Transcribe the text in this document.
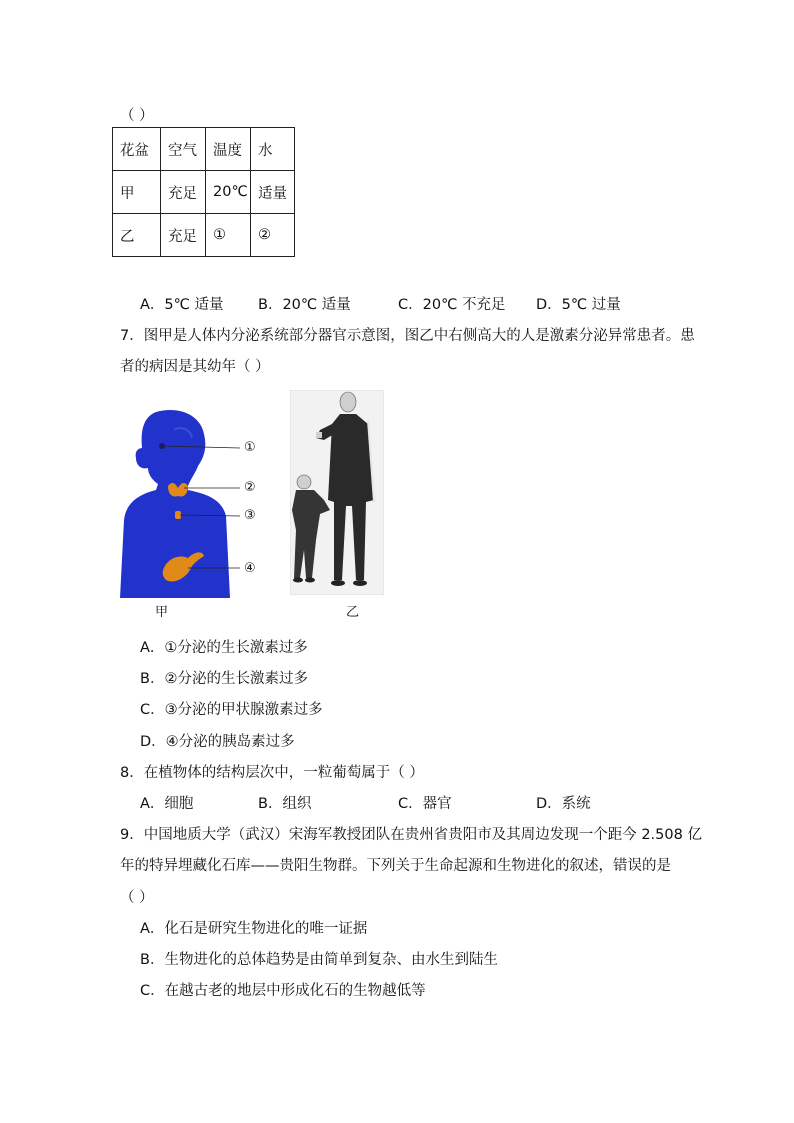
（ ）
花盆	空气	温度	水
甲	充足	20℃	适量
乙	充足	①	②
A．5℃ 适量 B．20℃ 适量	C．20℃ 不充足 D．5℃ 过量
7．图甲是人体内分泌系统部分器官示意图，图乙中右侧高大的人是激素分泌异常患者。患
者的病因是其幼年（ ）
①
②
③
④
甲	乙
A．①分泌的生长激素过多
B．②分泌的生长激素过多
C．③分泌的甲状腺激素过多
D．④分泌的胰岛素过多
8．在植物体的结构层次中，一粒葡萄属于（ ）
A．细胞	B．组织	C．器官	D．系统
9．中国地质大学（武汉）宋海军教授团队在贵州省贵阳市及其周边发现一个距今 2.508 亿
年的特异埋藏化石库——贵阳生物群。下列关于生命起源和生物进化的叙述，错误的是
（ ）
A．化石是研究生物进化的唯一证据
B．生物进化的总体趋势是由简单到复杂、由水生到陆生
C．在越古老的地层中形成化石的生物越低等
